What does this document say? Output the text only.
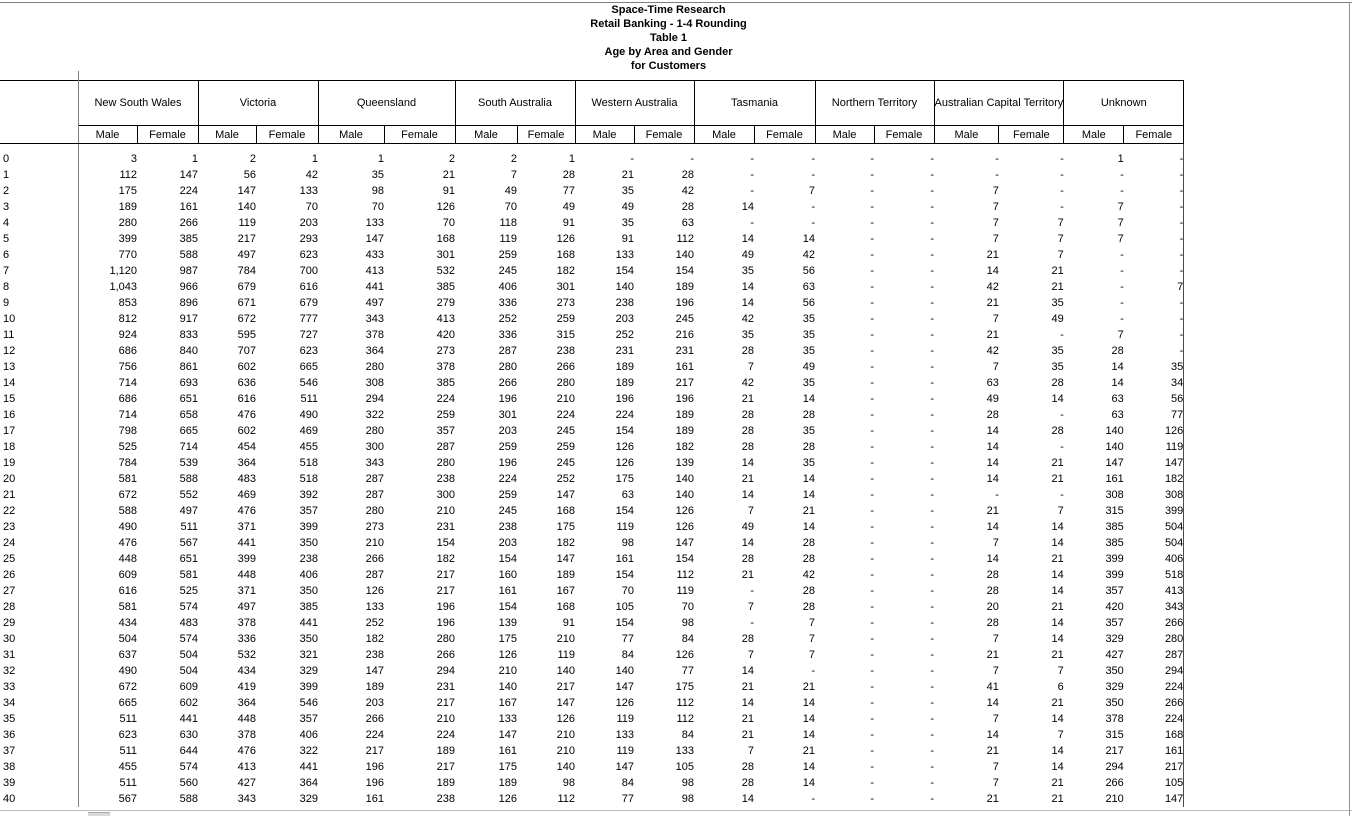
Space-Time Research
Retail Banking - 1-4 Rounding
Table 1
Age by Area and Gender
for Customers
	New South Wales		Victoria		Queensland		South Australia		Western Australia		Tasmania		Northern Territory		Australian Capital Territory		Unknown	
	Male	Female	Male	Female	Male	Female	Male	Female	Male	Female	Male	Female	Male	Female	Male	Female	Male	Female
0	3	1	2	1	1	2	2	1	-	-	-	-	-	-	-	-	1	-
1	112	147	56	42	35	21	7	28	21	28	-	-	-	-	-	-	-	-
2	175	224	147	133	98	91	49	77	35	42	-	7	-	-	7	-	-	-
3	189	161	140	70	70	126	70	49	49	28	14	-	-	-	7	-	7	-
4	280	266	119	203	133	70	118	91	35	63	-	-	-	-	7	7	7	-
5	399	385	217	293	147	168	119	126	91	112	14	14	-	-	7	7	7	-
6	770	588	497	623	433	301	259	168	133	140	49	42	-	-	21	7	-	-
7	1,120	987	784	700	413	532	245	182	154	154	35	56	-	-	14	21	-	-
8	1,043	966	679	616	441	385	406	301	140	189	14	63	-	-	42	21	-	7
9	853	896	671	679	497	279	336	273	238	196	14	56	-	-	21	35	-	-
10	812	917	672	777	343	413	252	259	203	245	42	35	-	-	7	49	-	-
11	924	833	595	727	378	420	336	315	252	216	35	35	-	-	21	-	7	-
12	686	840	707	623	364	273	287	238	231	231	28	35	-	-	42	35	28	-
13	756	861	602	665	280	378	280	266	189	161	7	49	-	-	7	35	14	35
14	714	693	636	546	308	385	266	280	189	217	42	35	-	-	63	28	14	34
15	686	651	616	511	294	224	196	210	196	196	21	14	-	-	49	14	63	56
16	714	658	476	490	322	259	301	224	224	189	28	28	-	-	28	-	63	77
17	798	665	602	469	280	357	203	245	154	189	28	35	-	-	14	28	140	126
18	525	714	454	455	300	287	259	259	126	182	28	28	-	-	14	-	140	119
19	784	539	364	518	343	280	196	245	126	139	14	35	-	-	14	21	147	147
20	581	588	483	518	287	238	224	252	175	140	21	14	-	-	14	21	161	182
21	672	552	469	392	287	300	259	147	63	140	14	14	-	-	-	-	308	308
22	588	497	476	357	280	210	245	168	154	126	7	21	-	-	21	7	315	399
23	490	511	371	399	273	231	238	175	119	126	49	14	-	-	14	14	385	504
24	476	567	441	350	210	154	203	182	98	147	14	28	-	-	7	14	385	504
25	448	651	399	238	266	182	154	147	161	154	28	28	-	-	14	21	399	406
26	609	581	448	406	287	217	160	189	154	112	21	42	-	-	28	14	399	518
27	616	525	371	350	126	217	161	167	70	119	-	28	-	-	28	14	357	413
28	581	574	497	385	133	196	154	168	105	70	7	28	-	-	20	21	420	343
29	434	483	378	441	252	196	139	91	154	98	-	7	-	-	28	14	357	266
30	504	574	336	350	182	280	175	210	77	84	28	7	-	-	7	14	329	280
31	637	504	532	321	238	266	126	119	84	126	7	7	-	-	21	21	427	287
32	490	504	434	329	147	294	210	140	140	77	14	-	-	-	7	7	350	294
33	672	609	419	399	189	231	140	217	147	175	21	21	-	-	41	6	329	224
34	665	602	364	546	203	217	167	147	126	112	14	14	-	-	14	21	350	266
35	511	441	448	357	266	210	133	126	119	112	21	14	-	-	7	14	378	224
36	623	630	378	406	224	224	147	210	133	84	21	14	-	-	14	7	315	168
37	511	644	476	322	217	189	161	210	119	133	7	21	-	-	21	14	217	161
38	455	574	413	441	196	217	175	140	147	105	28	14	-	-	7	14	294	217
39	511	560	427	364	196	189	189	98	84	98	28	14	-	-	7	21	266	105
40	567	588	343	329	161	238	126	112	77	98	14	-	-	-	21	21	210	147
